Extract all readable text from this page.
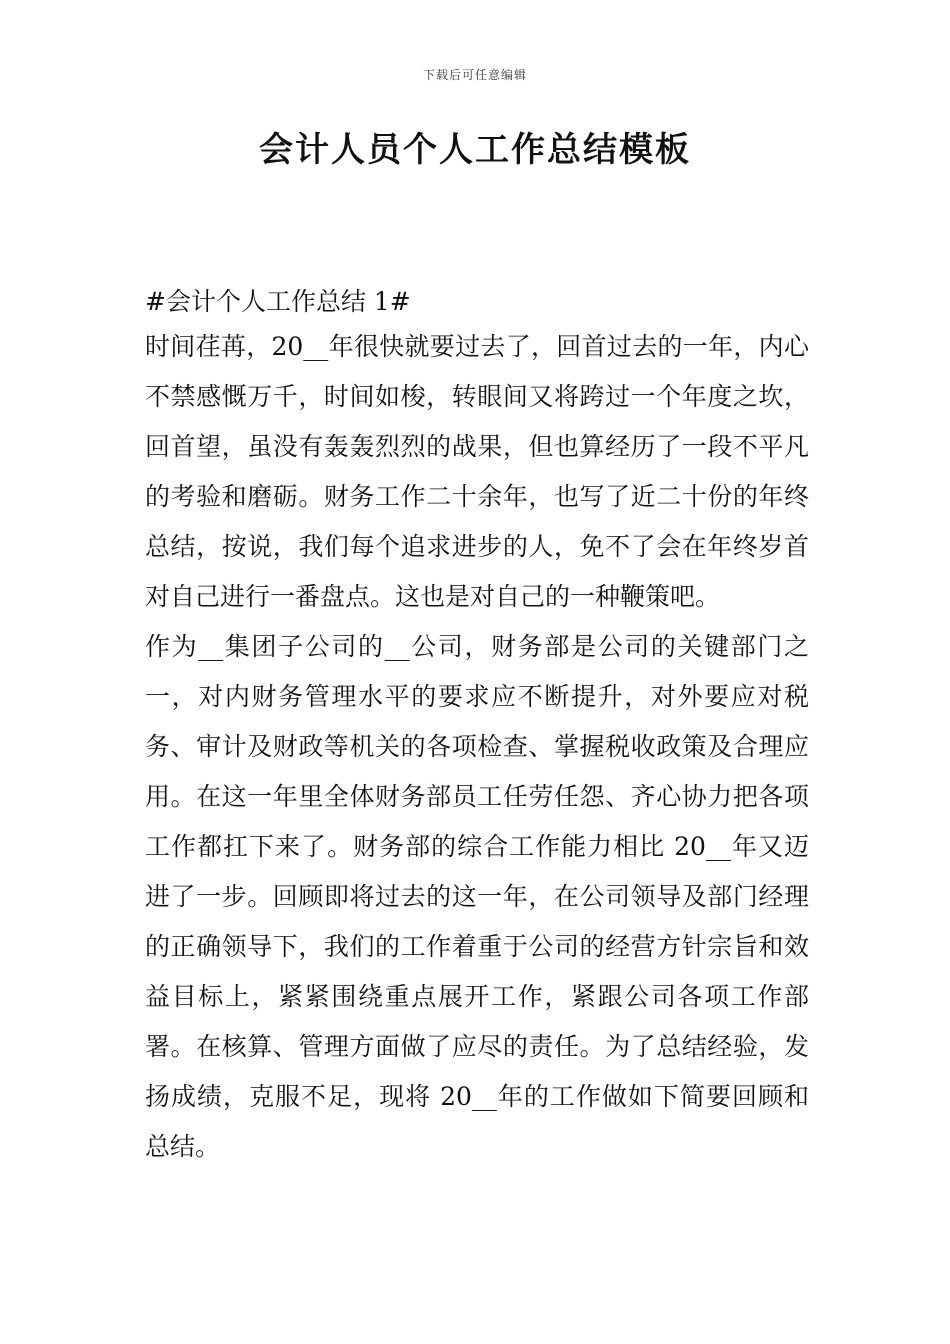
下载后可任意编辑
会计人员个人工作总结模板
#会计个人工作总结 1#

时间荏苒，20__年很快就要过去了，回首过去的一年，内心不禁感慨万千，时间如梭，转眼间又将跨过一个年度之坎，回首望，虽没有轰轰烈烈的战果，但也算经历了一段不平凡的考验和磨砺。财务工作二十余年，也写了近二十份的年终总结，按说，我们每个追求进步的人，免不了会在年终岁首对自己进行一番盘点。这也是对自己的一种鞭策吧。

作为__集团子公司的__公司，财务部是公司的关键部门之一，对内财务管理水平的要求应不断提升，对外要应对税务、审计及财政等机关的各项检查、掌握税收政策及合理应用。在这一年里全体财务部员工任劳任怨、齐心协力把各项工作都扛下来了。财务部的综合工作能力相比 20__年又迈进了一步。回顾即将过去的这一年，在公司领导及部门经理的正确领导下，我们的工作着重于公司的经营方针宗旨和效益目标上，紧紧围绕重点展开工作，紧跟公司各项工作部署。在核算、管理方面做了应尽的责任。为了总结经验，发扬成绩，克服不足，现将 20__年的工作做如下简要回顾和总结。
